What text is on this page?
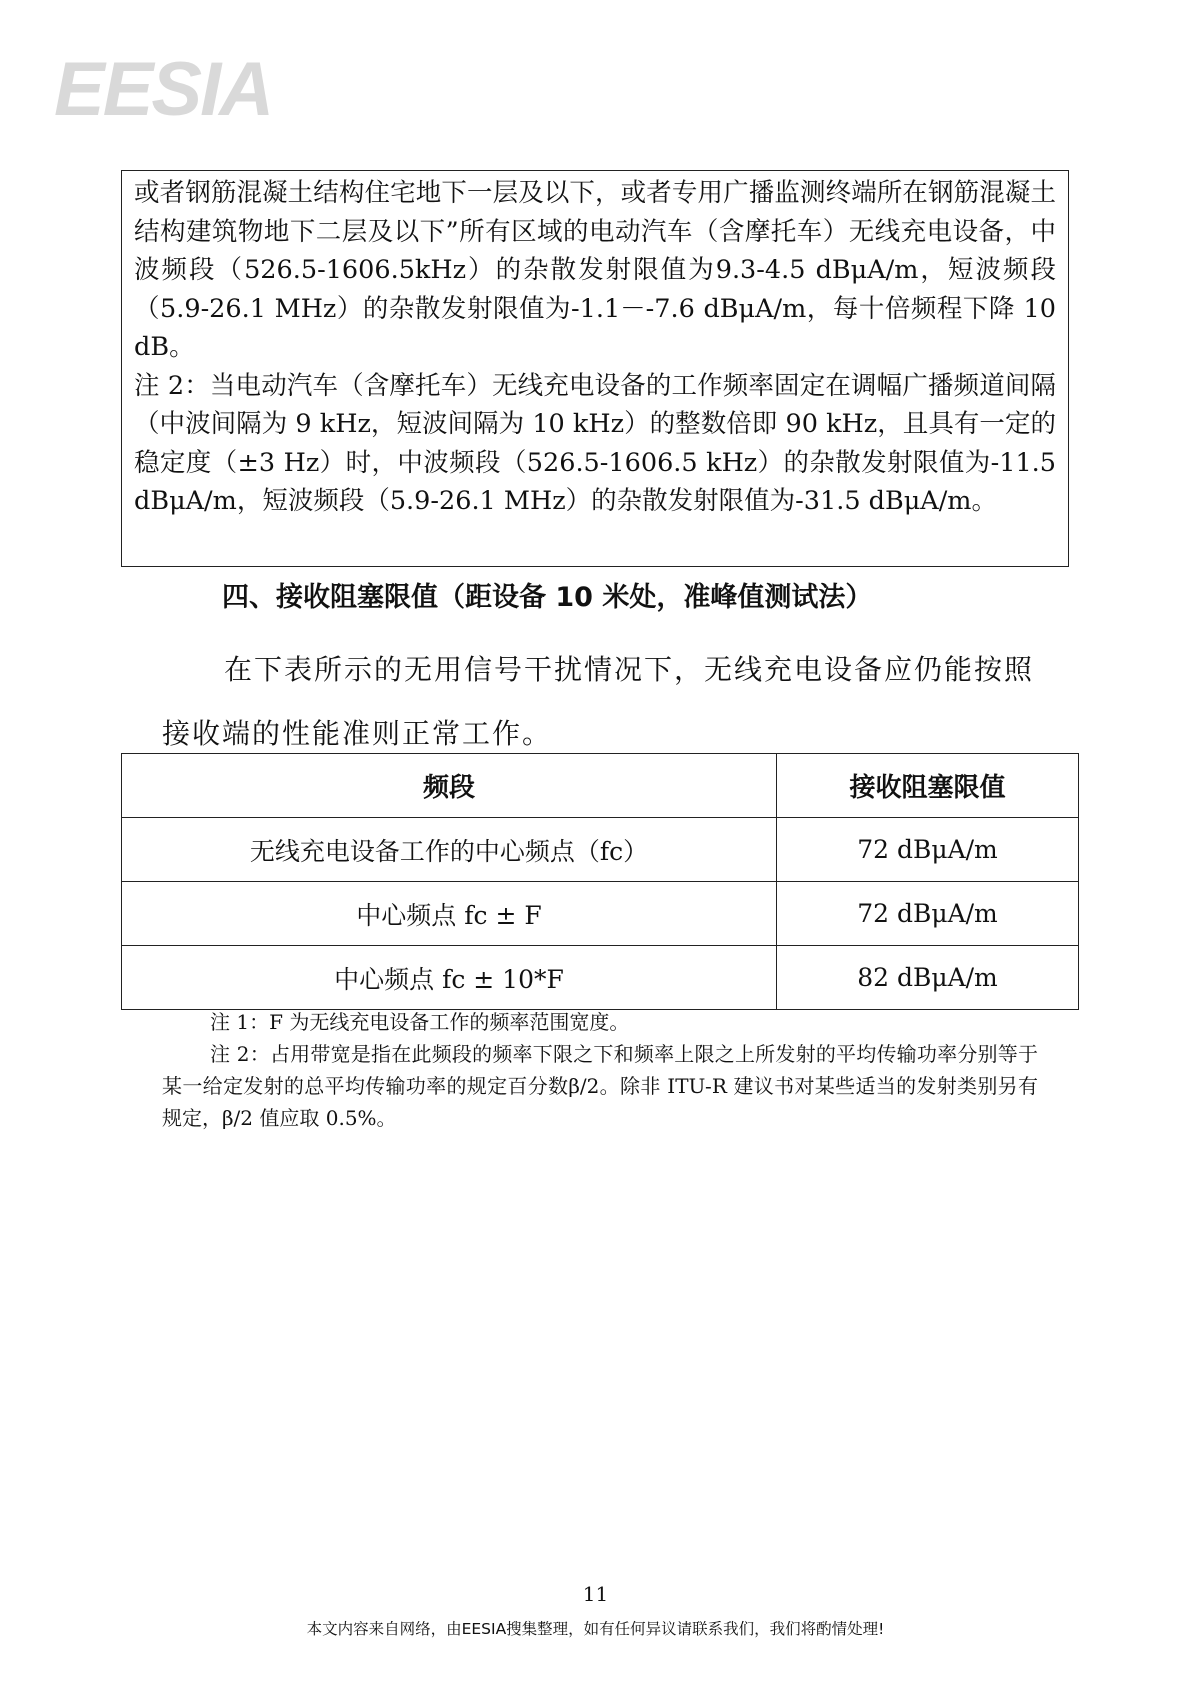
EESIA

或者钢筋混凝土结构住宅地下一层及以下，或者专用广播监测终端所在钢筋混凝土结构建筑物地下二层及以下”所有区域的电动汽车（含摩托车）无线充电设备，中波频段（526.5-1606.5kHz）的杂散发射限值为9.3-4.5 dBμA/m，短波频段（5.9-26.1 MHz）的杂散发射限值为-1.1－-7.6 dBμA/m，每十倍频程下降 10 dB。

注 2：当电动汽车（含摩托车）无线充电设备的工作频率固定在调幅广播频道间隔（中波间隔为 9 kHz，短波间隔为 10 kHz）的整数倍即 90 kHz，且具有一定的稳定度（±3 Hz）时，中波频段（526.5-1606.5 kHz）的杂散发射限值为-11.5 dBμA/m，短波频段（5.9-26.1 MHz）的杂散发射限值为-31.5 dBμA/m。

四、接收阻塞限值（距设备 10 米处，准峰值测试法）
在下表所示的无用信号干扰情况下，无线充电设备应仍能按照接收端的性能准则正常工作。
频段	接收阻塞限值
无线充电设备工作的中心频点（fc）	72 dBμA/m
中心频点 fc ± F	72 dBμA/m
中心频点 fc ± 10*F	82 dBμA/m

注 1：F 为无线充电设备工作的频率范围宽度。

注 2：占用带宽是指在此频段的频率下限之下和频率上限之上所发射的平均传输功率分别等于某一给定发射的总平均传输功率的规定百分数β/2。除非 ITU-R 建议书对某些适当的发射类别另有规定，β/2 值应取 0.5%。

11
本文内容来自网络，由EESIA搜集整理，如有任何异议请联系我们，我们将酌情处理!
